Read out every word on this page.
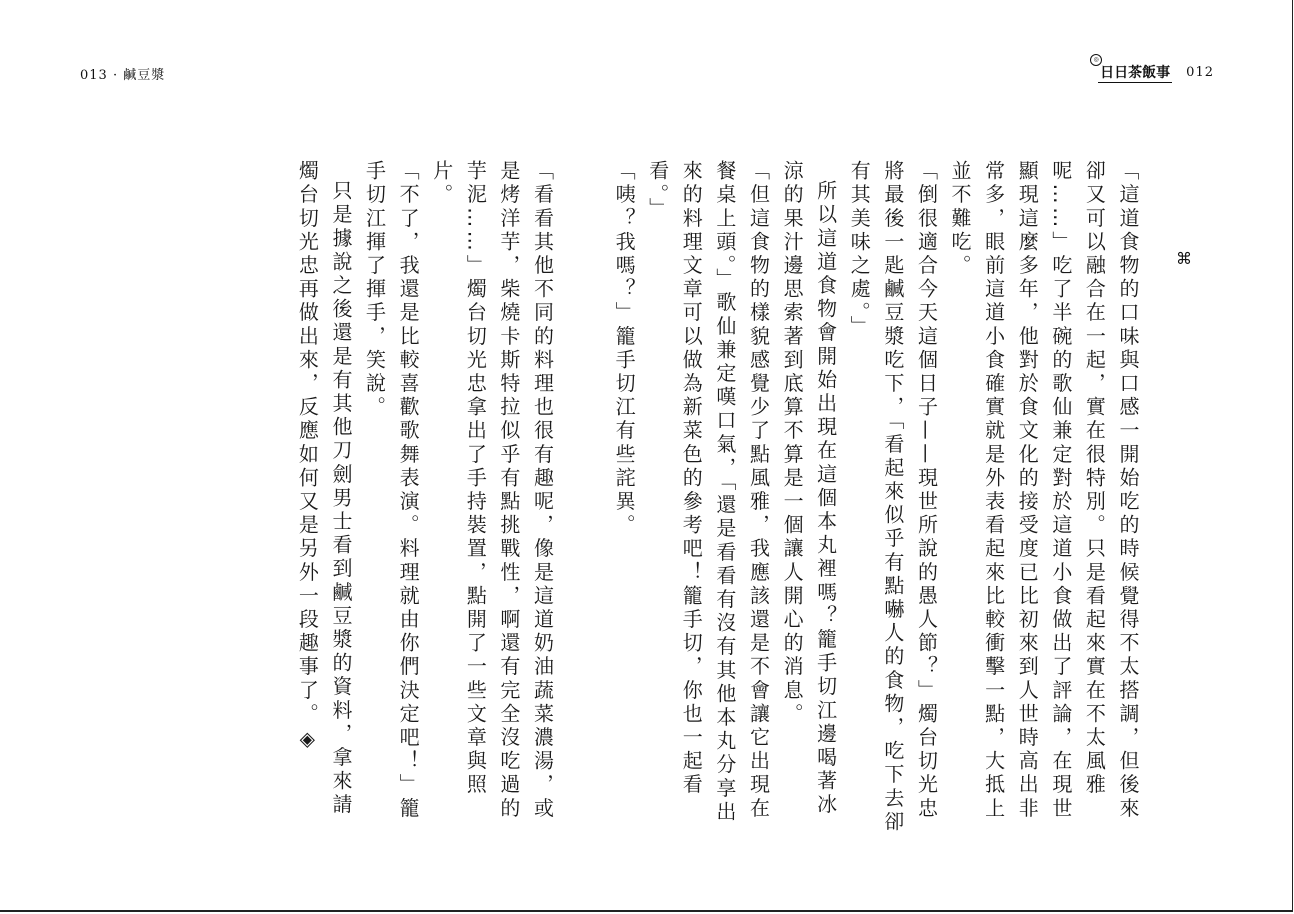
013 · 鹹豆漿
◎
日日茶飯事 012
⌘

「這道食物的口味與口感一開始吃的時候覺得不太搭調，但後來卻又可以融合在一起，實在很特別。只是看起來實在不太風雅呢……」吃了半碗的歌仙兼定對於這道小食做出了評論，在現世顯現這麼多年，他對於食文化的接受度已比初來到人世時高出非常多，眼前這道小食確實就是外表看起來比較衝擊一點，大抵上並不難吃。

「倒很適合今天這個日子——現世所說的愚人節？」燭台切光忠將最後一匙鹹豆漿吃下，「看起來似乎有點嚇人的食物，吃下去卻有其美味之處。」

所以這道食物會開始出現在這個本丸裡嗎？籠手切江邊喝著冰涼的果汁邊思索著到底算不算是一個讓人開心的消息。

「但這食物的樣貌感覺少了點風雅，我應該還是不會讓它出現在餐桌上頭。」歌仙兼定嘆口氣，「還是看看有沒有其他本丸分享出來的料理文章可以做為新菜色的參考吧！籠手切，你也一起看看。」

「咦？我嗎？」籠手切江有些詫異。

「看看其他不同的料理也很有趣呢，像是這道奶油蔬菜濃湯，或是烤洋芋，柴燒卡斯特拉似乎有點挑戰性，啊還有完全沒吃過的芋泥……」燭台切光忠拿出了手持裝置，點開了一些文章與照片。

「不了，我還是比較喜歡歌舞表演。料理就由你們決定吧！」籠手切江揮了揮手，笑說。

只是據說之後還是有其他刀劍男士看到鹹豆漿的資料，拿來請燭台切光忠再做出來，反應如何又是另外一段趣事了。◈
